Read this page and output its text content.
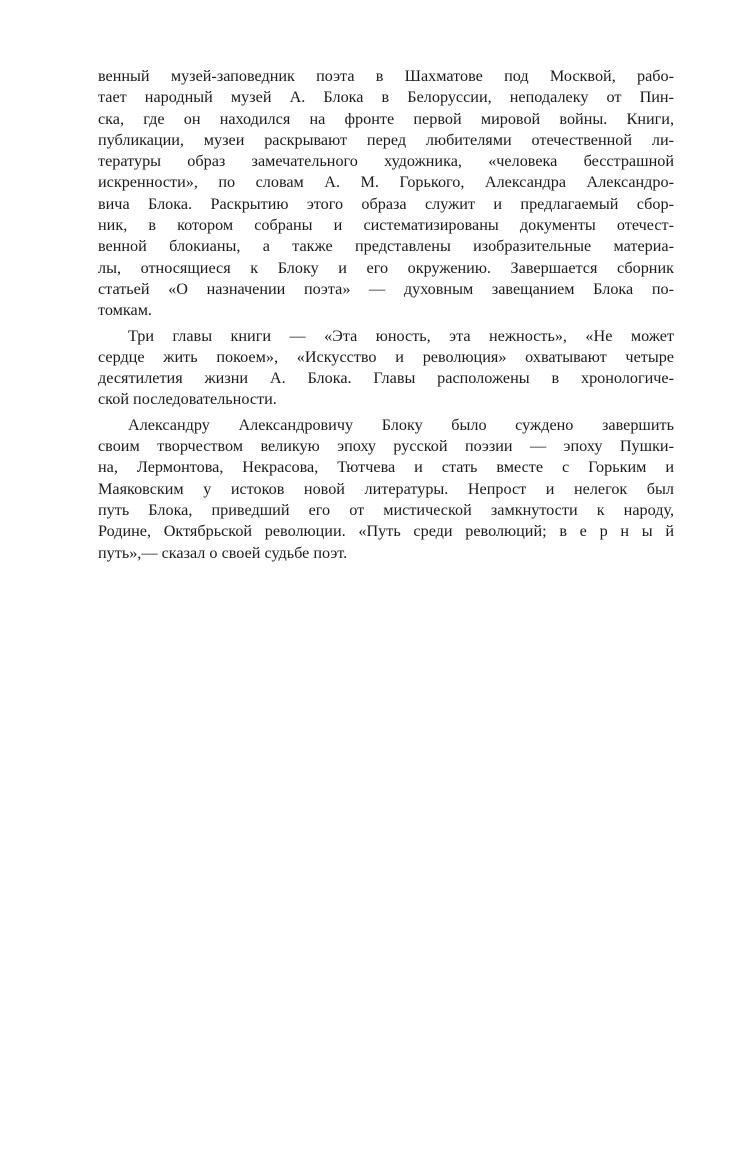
венный музей-заповедник поэта в Шахматове под Москвой, рабо-
тает народный музей А. Блока в Белоруссии, неподалеку от Пин-
ска, где он находился на фронте первой мировой войны. Книги,
публикации, музеи раскрывают перед любителями отечественной ли-
тературы образ замечательного художника, «человека бесстрашной
искренности», по словам А. М. Горького, Александра Александро-
вича Блока. Раскрытию этого образа служит и предлагаемый сбор-
ник, в котором собраны и систематизированы документы отечест-
венной блокианы, а также представлены изобразительные материа-
лы, относящиеся к Блоку и его окружению. Завершается сборник
статьей «О назначении поэта» — духовным завещанием Блока по-
томкам.
Три главы книги — «Эта юность, эта нежность», «Не может
сердце жить покоем», «Искусство и революция» охватывают четыре
десятилетия жизни А. Блока. Главы расположены в хронологиче-
ской последовательности.
Александру Александровичу Блоку было суждено завершить
своим творчеством великую эпоху русской поэзии — эпоху Пушки-
на, Лермонтова, Некрасова, Тютчева и стать вместе с Горьким и
Маяковским у истоков новой литературы. Непрост и нелегок был
путь Блока, приведший его от мистической замкнутости к народу,
Родине, Октябрьской революции. «Путь среди революций; в е р н ы й
путь»,— сказал о своей судьбе поэт.
